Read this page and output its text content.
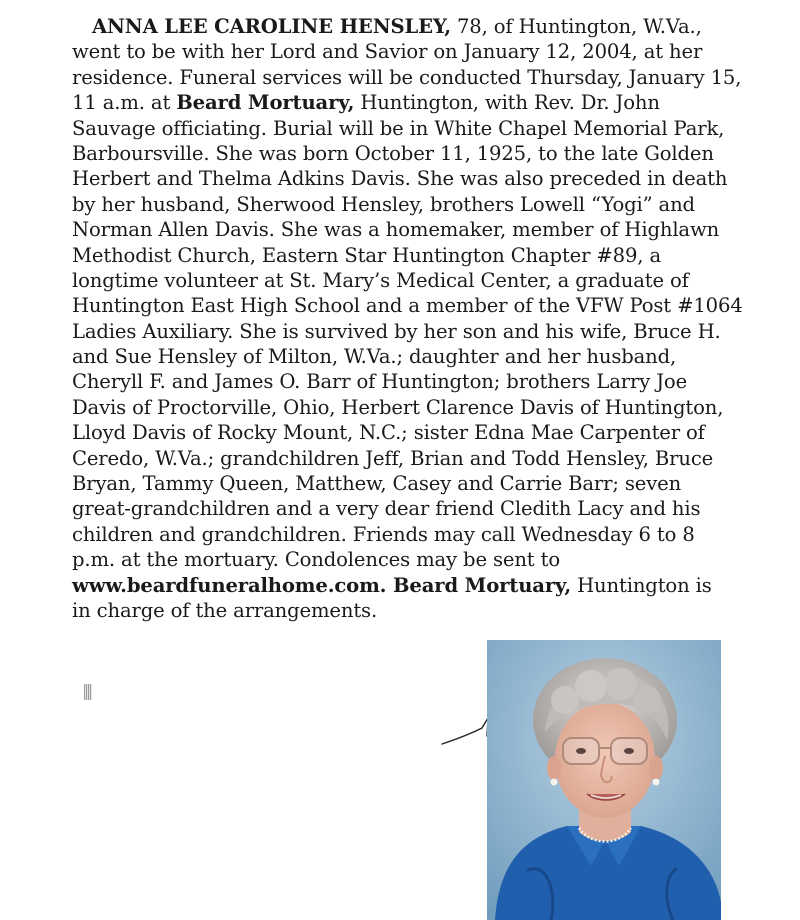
ANNA LEE CAROLINE HENSLEY, 78, of Huntington, W.Va.,
went to be with her Lord and Savior on January 12, 2004, at her
residence. Funeral services will be conducted Thursday, January 15,
11 a.m. at Beard Mortuary, Huntington, with Rev. Dr. John
Sauvage officiating. Burial will be in White Chapel Memorial Park,
Barboursville. She was born October 11, 1925, to the late Golden
Herbert and Thelma Adkins Davis. She was also preceded in death
by her husband, Sherwood Hensley, brothers Lowell “Yogi” and
Norman Allen Davis. She was a homemaker, member of Highlawn
Methodist Church, Eastern Star Huntington Chapter #89, a
longtime volunteer at St. Mary’s Medical Center, a graduate of
Huntington East High School and a member of the VFW Post #1064
Ladies Auxiliary. She is survived by her son and his wife, Bruce H.
and Sue Hensley of Milton, W.Va.; daughter and her husband,
Cheryll F. and James O. Barr of Huntington; brothers Larry Joe
Davis of Proctorville, Ohio, Herbert Clarence Davis of Huntington,
Lloyd Davis of Rocky Mount, N.C.; sister Edna Mae Carpenter of
Ceredo, W.Va.; grandchildren Jeff, Brian and Todd Hensley, Bruce
Bryan, Tammy Queen, Matthew, Casey and Carrie Barr; seven
great-grandchildren and a very dear friend Cledith Lacy and his
children and grandchildren. Friends may call Wednesday 6 to 8
p.m. at the mortuary. Condolences may be sent to
www.beardfuneralhome.com. Beard Mortuary, Huntington is
in charge of the arrangements.
